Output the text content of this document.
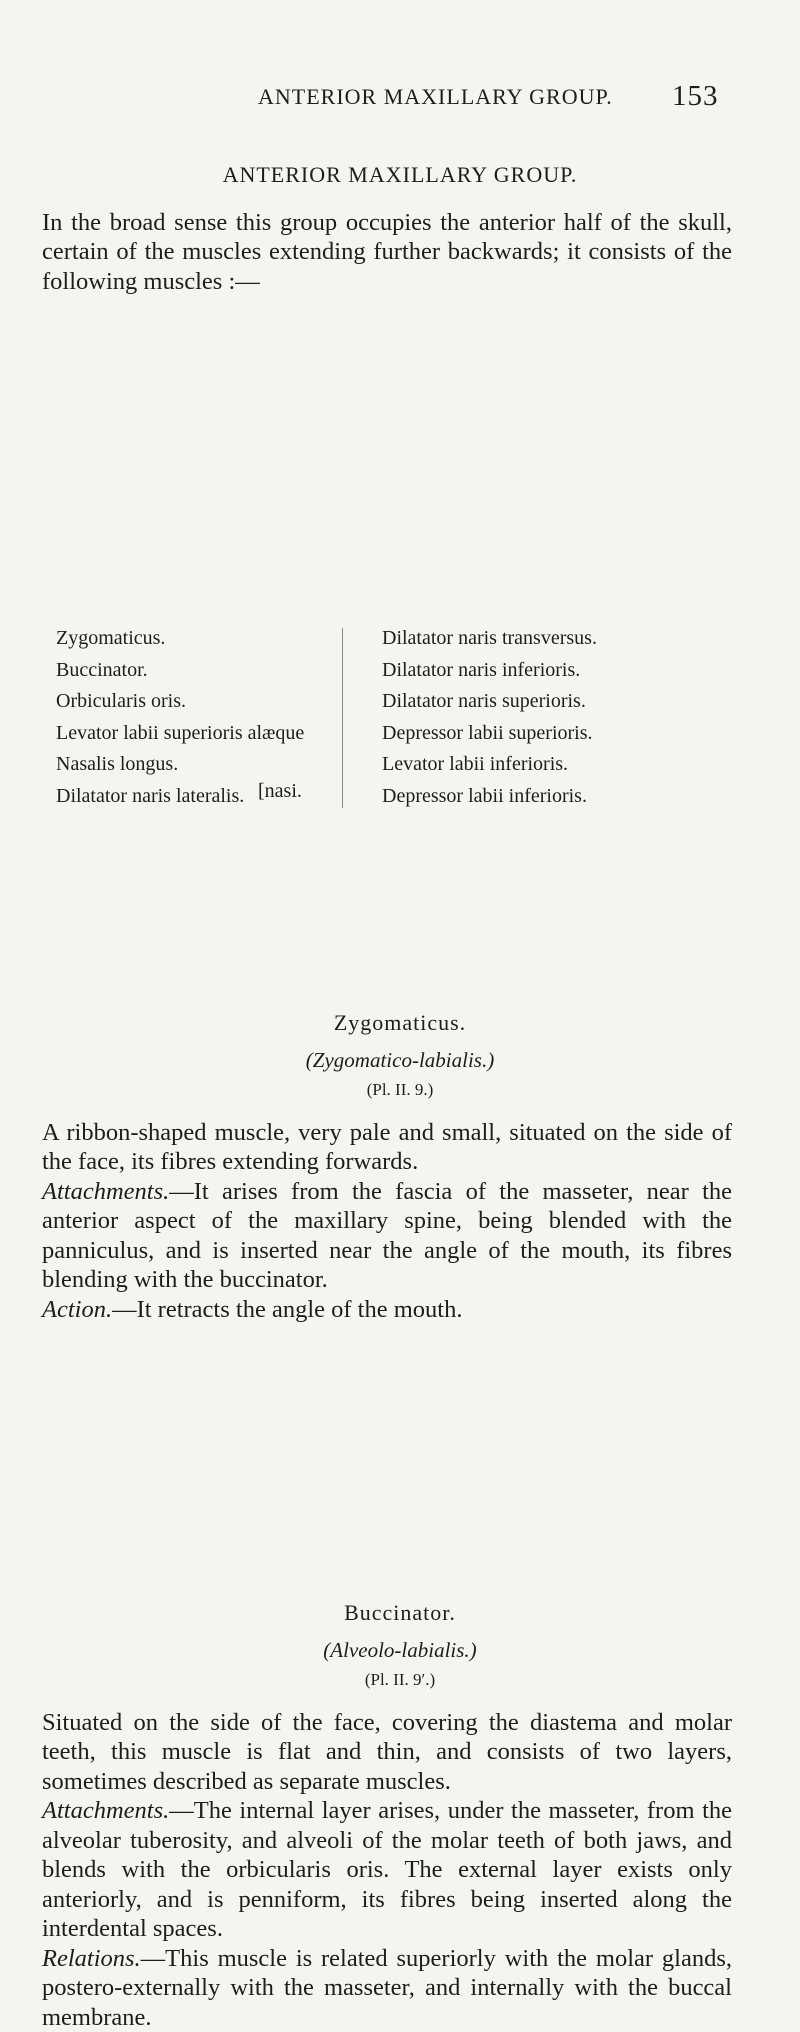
ANTERIOR MAXILLARY GROUP. 153
ANTERIOR MAXILLARY GROUP.

In the broad sense this group occupies the anterior half of the skull, certain of the muscles extending further backwards; it consists of the following muscles :—

Zygomaticus.
Buccinator.
Orbicularis oris.
Levator labii superioris alæque
Nasalis longus.
Dilatator naris lateralis.
Dilatator naris transversus.
Dilatator naris inferioris.
Dilatator naris superioris.
Depressor labii superioris.
Levator labii inferioris.
Depressor labii inferioris.
[nasi.
Zygomaticus.
(Zygomatico-labialis.)
(Pl. II. 9.)

A ribbon-shaped muscle, very pale and small, situated on the side of the face, its fibres extending forwards.
Attachments.—It arises from the fascia of the masseter, near the anterior aspect of the maxillary spine, being blended with the panniculus, and is inserted near the angle of the mouth, its fibres blending with the buccinator.
Action.—It retracts the angle of the mouth.

Buccinator.
(Alveolo-labialis.)
(Pl. II. 9′.)

Situated on the side of the face, covering the diastema and molar teeth, this muscle is flat and thin, and consists of two layers, sometimes described as separate muscles.
Attachments.—The internal layer arises, under the masseter, from the alveolar tuberosity, and alveoli of the molar teeth of both jaws, and blends with the orbicularis oris. The external layer exists only anteriorly, and is penniform, its fibres being inserted along the interdental spaces.
Relations.—This muscle is related superiorly with the molar glands, postero-externally with the masseter, and internally with the buccal membrane.
